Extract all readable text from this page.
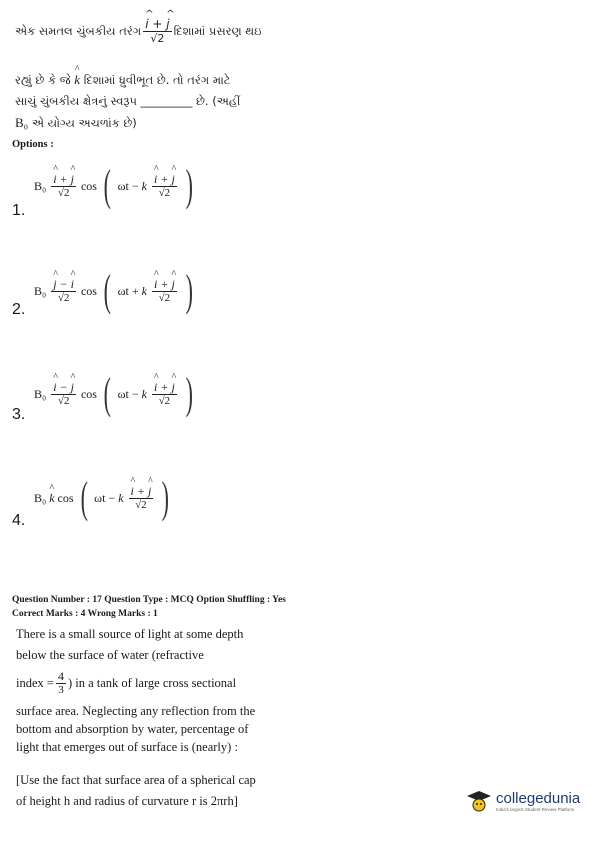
એક સમતલ ચુંબકીય તરંગ ^ $\frac{i + \^{} j}{√2}$ દિશામાં પ્રસરણ થઇ
રહ્યું છે કે જે ^ k દિશામાં ધ્રુવીભૂત છે. તો તરંગ માટે
સાચું ચુંબકીય ક્ષેત્રનું સ્વરૂપ _________ છે. (અહીં
B₀ એ યોગ્ય અચળાંક છે)
Options :
B₀ ^ $\frac{i + \^{} j}{√2}$ cos ( ωt − k ^ $\frac{i + \^{} j}{√2}$ )
1.
B₀ ^ $\frac{j - \^{} i}{√2}$ cos ( ωt + k ^ $\frac{i + \^{} j}{√2}$ )
2.
B₀ ^ $\frac{i - \^{} j}{√2}$ cos ( ωt − k ^ $\frac{i + \^{} j}{√2}$ )
3.
B₀ ^ k cos ( ωt − k ^ $\frac{i + \^{} j}{√2}$ )
4.
Question Number : 17 Question Type : MCQ Option Shuffling : Yes
Correct Marks : 4 Wrong Marks : 1
There is a small source of light at some depth below the surface of water (refractive
index = $\frac{4}{3}$ ) in a tank of large cross sectional
surface area. Neglecting any reflection from the bottom and absorption by water, percentage of light that emerges out of surface is (nearly) :
[Use the fact that surface area of a spherical cap of height h and radius of curvature r is 2πrh]	collegedunia
India's largest Student Review Platform
